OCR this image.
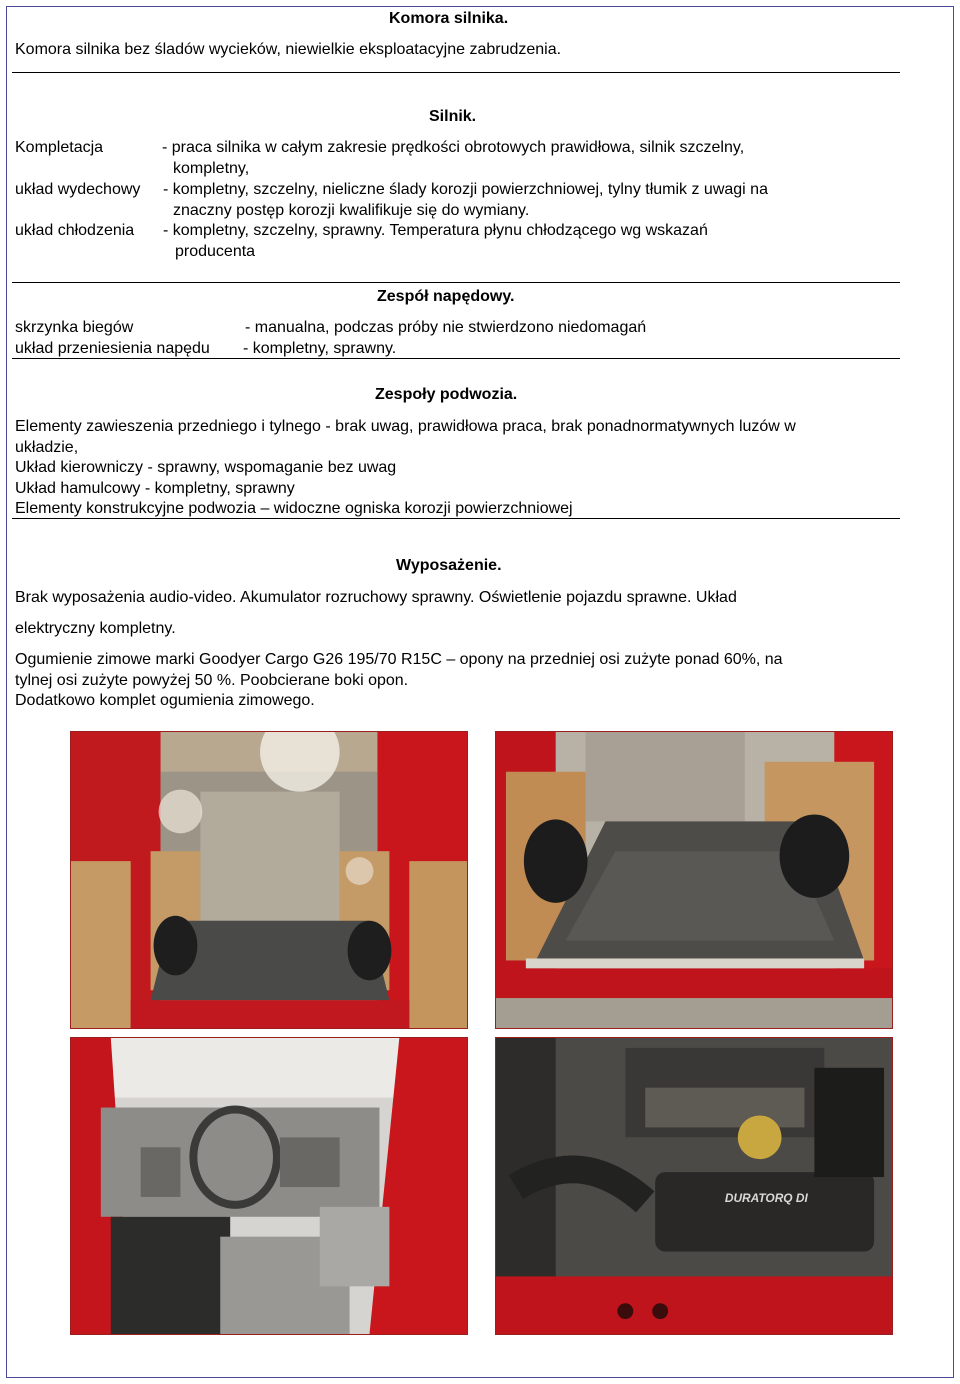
Komora silnika.
Komora silnika bez śladów wycieków, niewielkie eksploatacyjne zabrudzenia.
Silnik.
Kompletacja	- praca silnika w całym zakresie prędkości obrotowych prawidłowa, silnik szczelny,
kompletny,
układ wydechowy - kompletny, szczelny, nieliczne ślady korozji powierzchniowej, tylny tłumik z uwagi na
znaczny postęp korozji kwalifikuje się do wymiany.
układ chłodzenia - kompletny, szczelny, sprawny. Temperatura płynu chłodzącego wg wskazań
producenta
Zespół napędowy.
skrzynka biegów	- manualna, podczas próby nie stwierdzono niedomagań
układ przeniesienia napędu - kompletny, sprawny.
Zespoły podwozia.
Elementy zawieszenia przedniego i tylnego - brak uwag, prawidłowa praca, brak ponadnormatywnych luzów w
układzie,
Układ kierowniczy - sprawny, wspomaganie bez uwag
Układ hamulcowy - kompletny, sprawny
Elementy konstrukcyjne podwozia – widoczne ogniska korozji powierzchniowej
Wyposażenie.
Brak wyposażenia audio-video. Akumulator rozruchowy sprawny. Oświetlenie pojazdu sprawne. Układ
elektryczny kompletny.
Ogumienie zimowe marki Goodyer Cargo G26 195/70 R15C – opony na przedniej osi zużyte ponad 60%, na
tylnej osi zużyte powyżej 50 %. Poobcierane boki opon.
Dodatkowo komplet ogumienia zimowego.
DURATORQ DI
